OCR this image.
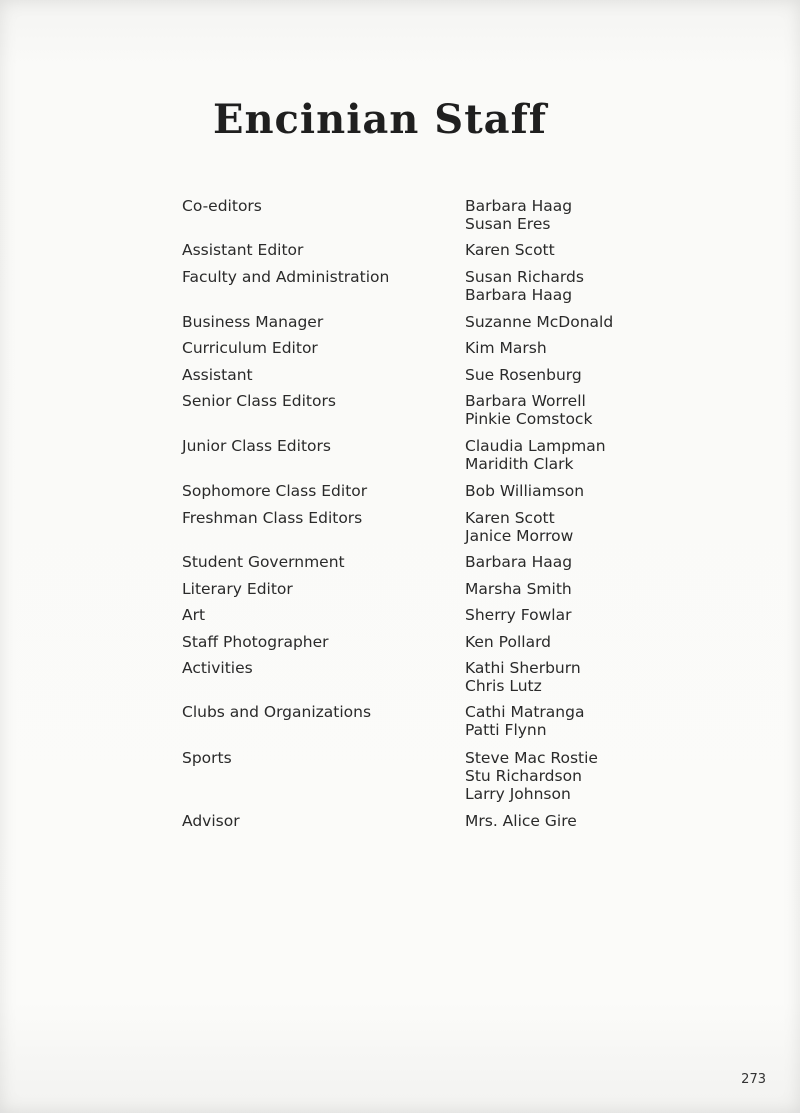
Encinian Staff
Co-editors	Barbara Haag
Susan Eres
Assistant Editor	Karen Scott
Faculty and Administration	Susan Richards
Barbara Haag
Business Manager	Suzanne McDonald
Curriculum Editor	Kim Marsh
Assistant	Sue Rosenburg
Senior Class Editors	Barbara Worrell
Pinkie Comstock
Junior Class Editors	Claudia Lampman
Maridith Clark
Sophomore Class Editor	Bob Williamson
Freshman Class Editors	Karen Scott
Janice Morrow
Student Government	Barbara Haag
Literary Editor	Marsha Smith
Art	Sherry Fowlar
Staff Photographer	Ken Pollard
Activities	Kathi Sherburn
Chris Lutz
Clubs and Organizations	Cathi Matranga
Patti Flynn
Sports	Steve Mac Rostie
Stu Richardson
Larry Johnson
Advisor	Mrs. Alice Gire
273
